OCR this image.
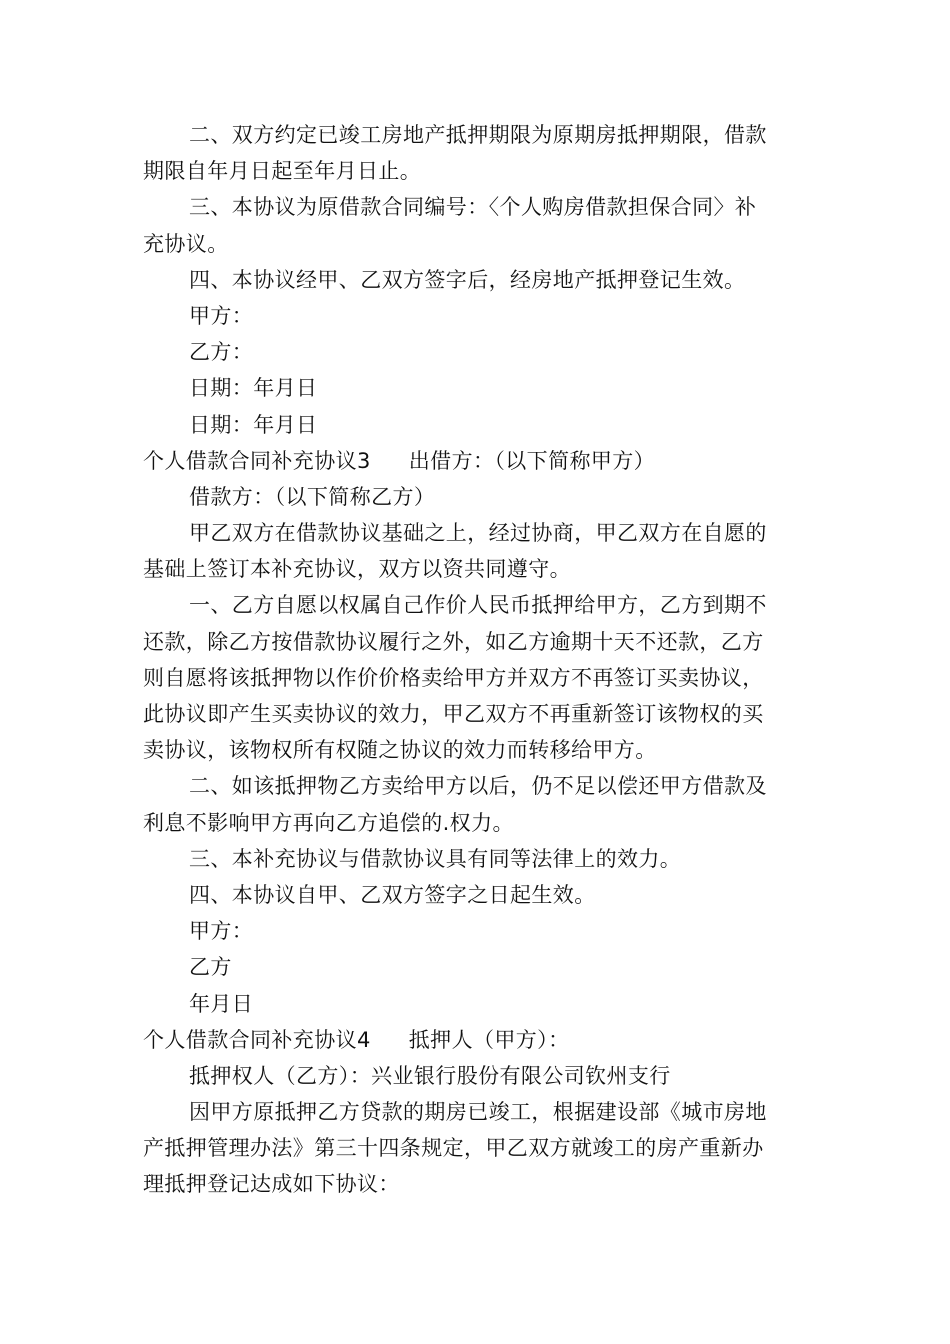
二、双方约定已竣工房地产抵押期限为原期房抵押期限，借款
期限自年月日起至年月日止。
三、本协议为原借款合同编号：〈个人购房借款担保合同〉补
充协议。
四、本协议经甲、乙双方签字后，经房地产抵押登记生效。
甲方：
乙方：
日期：年月日
日期：年月日
个人借款合同补充协议3 出借方：（以下简称甲方）
借款方：（以下简称乙方）
甲乙双方在借款协议基础之上，经过协商，甲乙双方在自愿的
基础上签订本补充协议，双方以资共同遵守。
一、乙方自愿以权属自己作价人民币抵押给甲方，乙方到期不
还款，除乙方按借款协议履行之外，如乙方逾期十天不还款，乙方
则自愿将该抵押物以作价价格卖给甲方并双方不再签订买卖协议，
此协议即产生买卖协议的效力，甲乙双方不再重新签订该物权的买
卖协议，该物权所有权随之协议的效力而转移给甲方。
二、如该抵押物乙方卖给甲方以后，仍不足以偿还甲方借款及
利息不影响甲方再向乙方追偿的.权力。
三、本补充协议与借款协议具有同等法律上的效力。
四、本协议自甲、乙双方签字之日起生效。
甲方：
乙方
年月日
个人借款合同补充协议4 抵押人（甲方）：
抵押权人（乙方）：兴业银行股份有限公司钦州支行
因甲方原抵押乙方贷款的期房已竣工，根据建设部《城市房地
产抵押管理办法》第三十四条规定，甲乙双方就竣工的房产重新办
理抵押登记达成如下协议：
